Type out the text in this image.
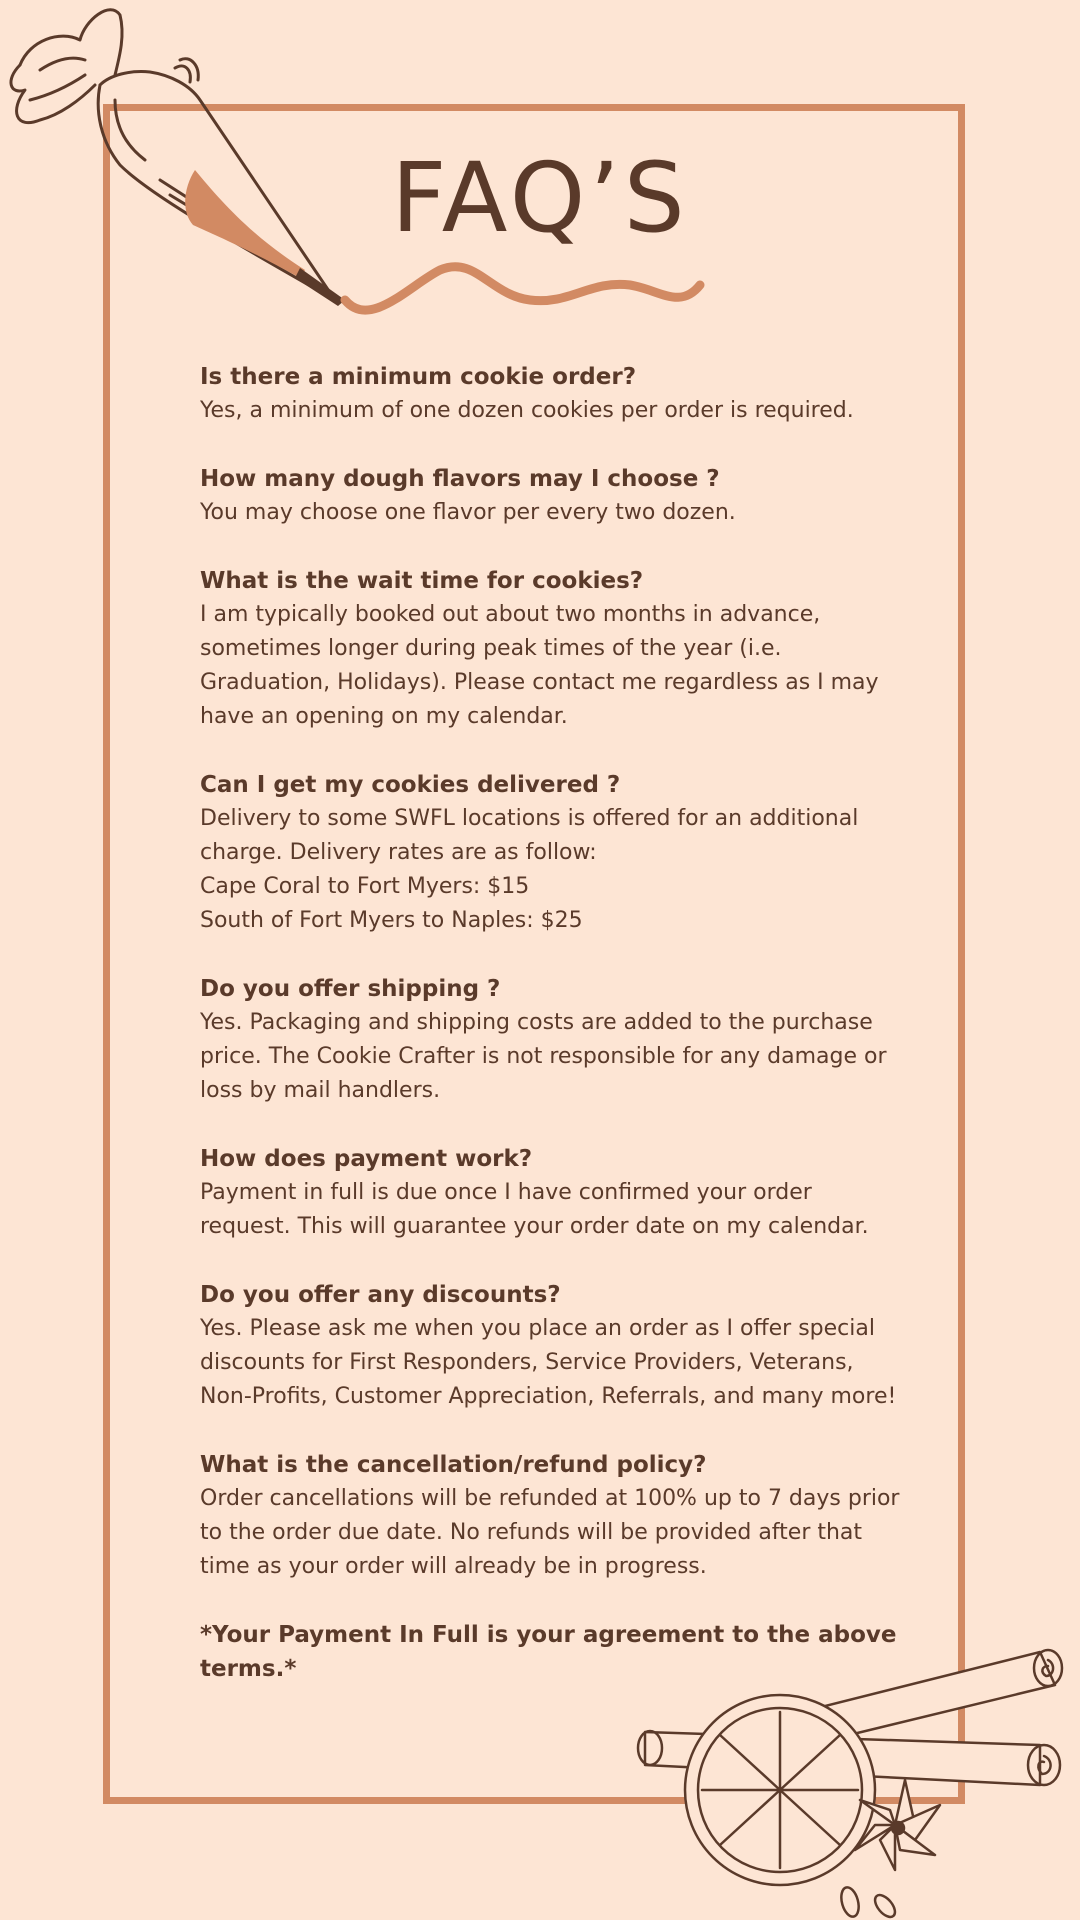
FAQ’S
Is there a minimum cookie order?
Yes, a minimum of one dozen cookies per order is required.
How many dough flavors may I choose ?
You may choose one flavor per every two dozen.
What is the wait time for cookies?
I am typically booked out about two months in advance, sometimes longer during peak times of the year (i.e. Graduation, Holidays). Please contact me regardless as I may have an opening on my calendar.
Can I get my cookies delivered ?
Delivery to some SWFL locations is offered for an additional charge. Delivery rates are as follow:
Cape Coral to Fort Myers: $15
South of Fort Myers to Naples: $25
Do you offer shipping ?
Yes. Packaging and shipping costs are added to the purchase price. The Cookie Crafter is not responsible for any damage or loss by mail handlers.
How does payment work?
Payment in full is due once I have confirmed your order request. This will guarantee your order date on my calendar.
Do you offer any discounts?
Yes. Please ask me when you place an order as I offer special discounts for First Responders, Service Providers, Veterans, Non-Profits, Customer Appreciation, Referrals, and many more!
What is the cancellation/refund policy?
Order cancellations will be refunded at 100% up to 7 days prior to the order due date. No refunds will be provided after that time as your order will already be in progress.
*Your Payment In Full is your agreement to the above terms.*
